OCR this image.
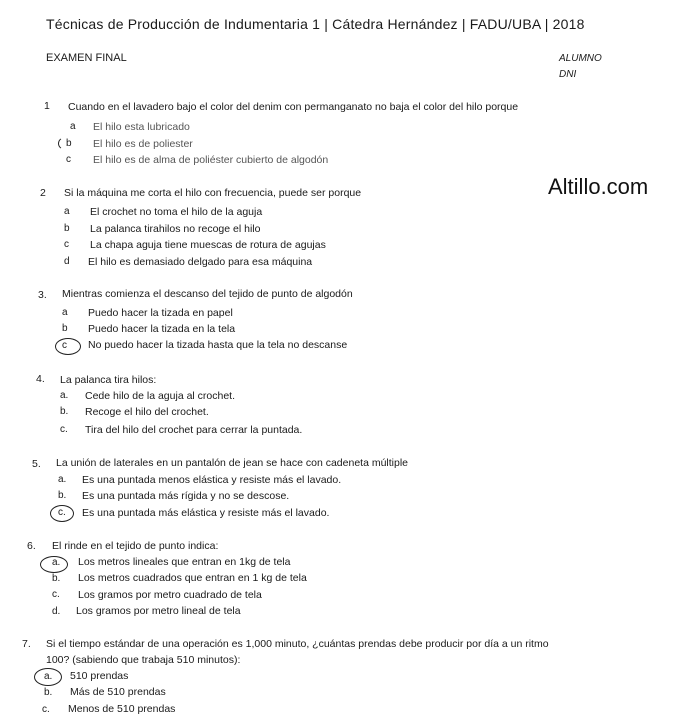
Técnicas de Producción de Indumentaria 1 | Cátedra Hernández | FADU/UBA | 2018
EXAMEN FINAL	ALUMNO
DNI
Altillo.com
1 Cuando en el lavadero bajo el color del denim con permanganato no baja el color del hilo porque
a El hilo esta lubricado
b El hilo es de poliester
c El hilo es de alma de poliéster cubierto de algodón
2 Si la máquina me corta el hilo con frecuencia, puede ser porque
a El crochet no toma el hilo de la aguja
b La palanca tirahilos no recoge el hilo
c La chapa aguja tiene muescas de rotura de agujas
d El hilo es demasiado delgado para esa máquina
3. Mientras comienza el descanso del tejido de punto de algodón
a Puedo hacer la tizada en papel
b Puedo hacer la tizada en la tela
c No puedo hacer la tizada hasta que la tela no descanse
4. La palanca tira hilos:
a. Cede hilo de la aguja al crochet.
b. Recoge el hilo del crochet.
c. Tira del hilo del crochet para cerrar la puntada.
5. La unión de laterales en un pantalón de jean se hace con cadeneta múltiple
a. Es una puntada menos elástica y resiste más el lavado.
b. Es una puntada más rígida y no se descose.
c. Es una puntada más elástica y resiste más el lavado.
6. El rinde en el tejido de punto indica:
a. Los metros lineales que entran en 1kg de tela
b. Los metros cuadrados que entran en 1 kg de tela
c. Los gramos por metro cuadrado de tela
d. Los gramos por metro lineal de tela
7. Si el tiempo estándar de una operación es 1,000 minuto, ¿cuántas prendas debe producir por día a un ritmo
100? (sabiendo que trabaja 510 minutos):
a. 510 prendas
b. Más de 510 prendas
c. Menos de 510 prendas
